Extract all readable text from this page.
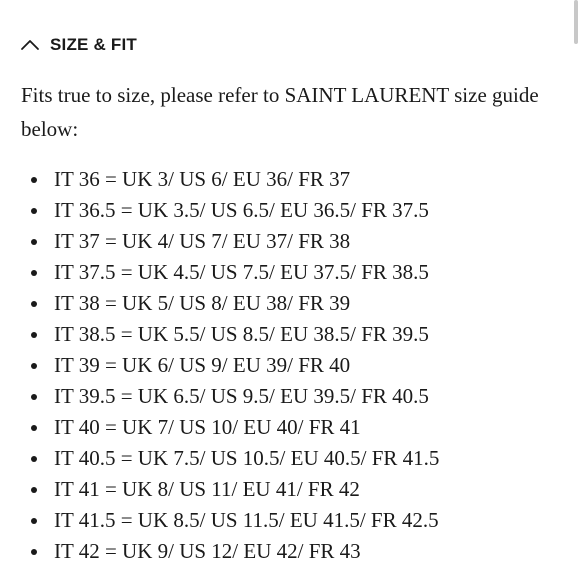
SIZE & FIT

Fits true to size, please refer to SAINT LAURENT size guide below:

IT 36 = UK 3/ US 6/ EU 36/ FR 37
IT 36.5 = UK 3.5/ US 6.5/ EU 36.5/ FR 37.5
IT 37 = UK 4/ US 7/ EU 37/ FR 38
IT 37.5 = UK 4.5/ US 7.5/ EU 37.5/ FR 38.5
IT 38 = UK 5/ US 8/ EU 38/ FR 39
IT 38.5 = UK 5.5/ US 8.5/ EU 38.5/ FR 39.5
IT 39 = UK 6/ US 9/ EU 39/ FR 40
IT 39.5 = UK 6.5/ US 9.5/ EU 39.5/ FR 40.5
IT 40 = UK 7/ US 10/ EU 40/ FR 41
IT 40.5 = UK 7.5/ US 10.5/ EU 40.5/ FR 41.5
IT 41 = UK 8/ US 11/ EU 41/ FR 42
IT 41.5 = UK 8.5/ US 11.5/ EU 41.5/ FR 42.5
IT 42 = UK 9/ US 12/ EU 42/ FR 43
